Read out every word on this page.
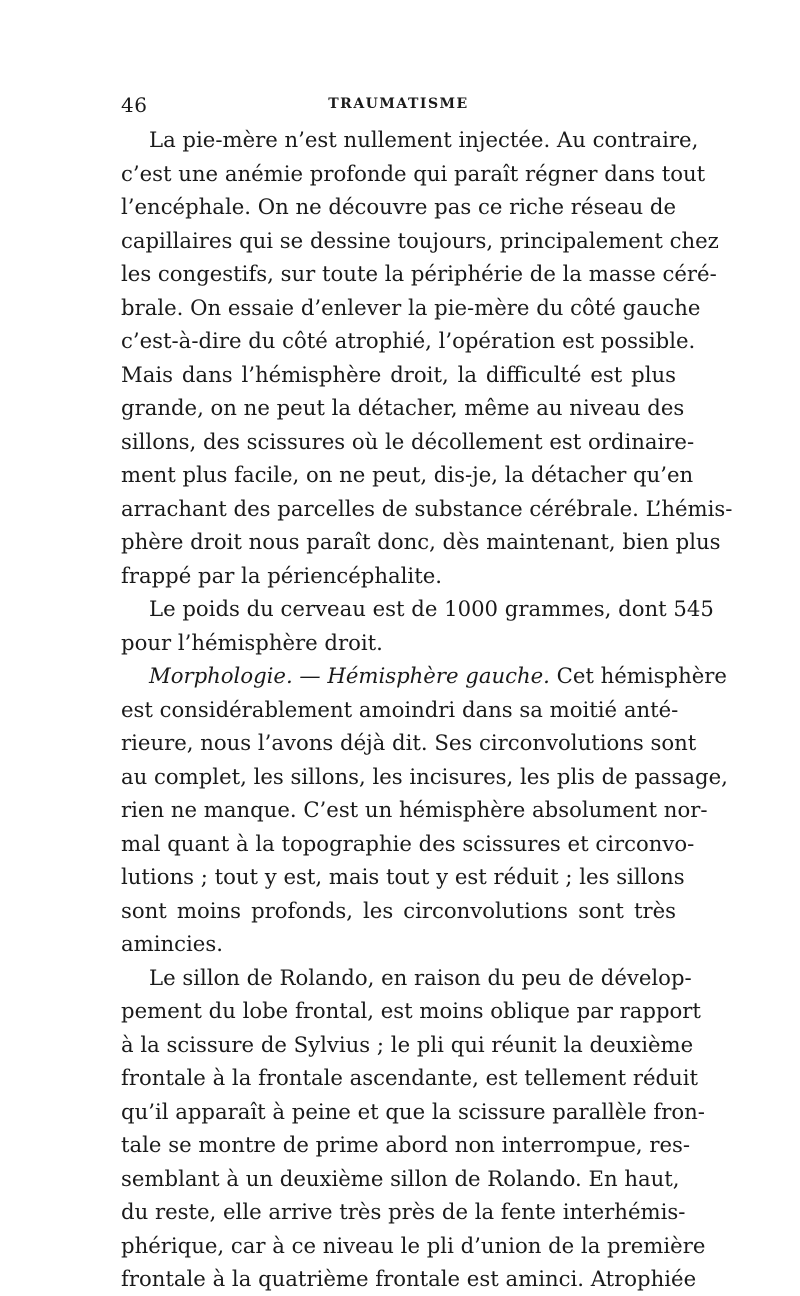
46	TRAUMATISME
La pie-mère n’est nullement injectée. Au contraire,
c’est une anémie profonde qui paraît régner dans tout
l’encéphale. On ne découvre pas ce riche réseau de
capillaires qui se dessine toujours, principalement chez
les congestifs, sur toute la périphérie de la masse céré-
brale. On essaie d’enlever la pie-mère du côté gauche
c’est-à-dire du côté atrophié, l’opération est possible.
Mais dans l’hémisphère droit, la difficulté est plus
grande, on ne peut la détacher, même au niveau des
sillons, des scissures où le décollement est ordinaire-
ment plus facile, on ne peut, dis-je, la détacher qu’en
arrachant des parcelles de substance cérébrale. L’hémis-
phère droit nous paraît donc, dès maintenant, bien plus
frappé par la périencéphalite.
Le poids du cerveau est de 1000 grammes, dont 545
pour l’hémisphère droit.
Morphologie. — Hémisphère gauche. Cet hémisphère
est considérablement amoindri dans sa moitié anté-
rieure, nous l’avons déjà dit. Ses circonvolutions sont
au complet, les sillons, les incisures, les plis de passage,
rien ne manque. C’est un hémisphère absolument nor-
mal quant à la topographie des scissures et circonvo-
lutions ; tout y est, mais tout y est réduit ; les sillons
sont moins profonds, les circonvolutions sont très
amincies.
Le sillon de Rolando, en raison du peu de dévelop-
pement du lobe frontal, est moins oblique par rapport
à la scissure de Sylvius ; le pli qui réunit la deuxième
frontale à la frontale ascendante, est tellement réduit
qu’il apparaît à peine et que la scissure parallèle fron-
tale se montre de prime abord non interrompue, res-
semblant à un deuxième sillon de Rolando. En haut,
du reste, elle arrive très près de la fente interhémis-
phérique, car à ce niveau le pli d’union de la première
frontale à la quatrième frontale est aminci. Atrophiée
